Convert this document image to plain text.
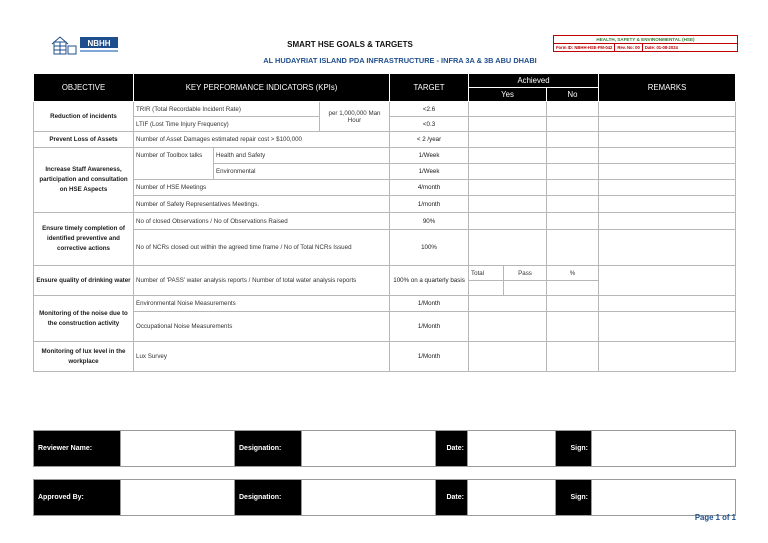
NBHH	SMART HSE GOALS & TARGETS
AL HUDAYRIAT ISLAND PDA INFRASTRUCTURE - INFRA 3A & 3B ABU DHABI
HEALTH, SAFETY & ENVIRONMENTAL (HSE)
Form ID: NBHH-HSE-FM-042	Rev. No: 00	Date: 01-08-2024
OBJECTIVE	KEY PERFORMANCE INDICATORS (KPIs)			TARGET	Achieved			REMARKS
					Yes		No	
Reduction of incidents	TRIR (Total Recordable Incident Rate)		per 1,000,000 Man Hour	<2.6				
	LTIF (Lost Time Injury Frequency)			<0.3				
Prevent Loss of Assets	Number of Asset Damages estimated repair cost > $100,000			< 2 /year				
Increase Staff Awareness, participation and consultation on HSE Aspects	Number of Toolbox talks	Health and Safety		1/Week				
		Environmental		1/Week				
	Number of HSE Meetings			4/month				
	Number of Safety Representatives Meetings.			1/month				
Ensure timely completion of identified preventive and corrective actions	No of closed Observations / No of Observations Raised			90%				
	No of NCRs closed out within the agreed time frame / No of Total NCRs Issued			100%				
Ensure quality of drinking water	Number of 'PASS' water analysis reports / Number of total water analysis reports			100% on a quarterly basis	Total	Pass	%	

Monitoring of the noise due to the construction activity	Environmental Noise Measurements			1/Month				
	Occupational Noise Measurements			1/Month				
Monitoring of lux level in the workplace	Lux Survey			1/Month				
Reviewer Name:		Designation:		Date:		Sign:	

Approved By:		Designation:		Date:		Sign:	
Page 1 of 1
